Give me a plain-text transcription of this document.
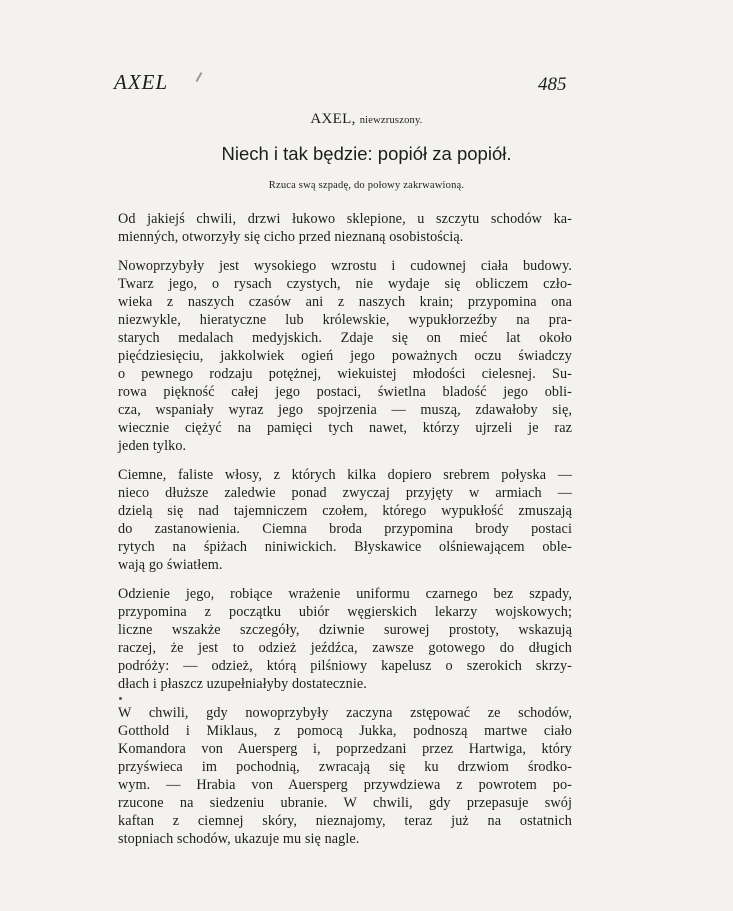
AXEL	485
AXEL, niewzruszony.
Niech i tak będzie: popiół za popiół.
Rzuca swą szpadę, do połowy zakrwawioną.

Od jakiejś chwili, drzwi łukowo sklepione, u szczytu schodów ka-
mienných, otworzyły się cicho przed nieznaną osobistością.

Nowoprzybyły jest wysokiego wzrostu i cudownej ciała budowy.
Twarz jego, o rysach czystych, nie wydaje się obliczem czło-
wieka z naszych czasów ani z naszych krain; przypomina ona
niezwykle, hieratyczne lub królewskie, wypukłorzeźby na pra-
starych medalach medyjskich. Zdaje się on mieć lat około
pięćdziesięciu, jakkolwiek ogień jego poważnych oczu świadczy
o pewnego rodzaju potężnej, wiekuistej młodości cielesnej. Su-
rowa piękność całej jego postaci, świetlna bladość jego obli-
cza, wspaniały wyraz jego spojrzenia — muszą, zdawałoby się,
wiecznie ciężyć na pamięci tych nawet, którzy ujrzeli je raz
jeden tylko.

Ciemne, faliste włosy, z których kilka dopiero srebrem połyska —
nieco dłuższe zaledwie ponad zwyczaj przyjęty w armiach —
dzielą się nad tajemniczem czołem, którego wypukłość zmuszają
do zastanowienia. Ciemna broda przypomina brody postaci
rytych na śpiżach niniwickich. Błyskawice olśniewającem oble-
wają go światłem.

Odzienie jego, robiące wrażenie uniformu czarnego bez szpady,
przypomina z początku ubiór węgierskich lekarzy wojskowych;
liczne wszakże szczegóły, dziwnie surowej prostoty, wskazują
raczej, że jest to odzież jeźdźca, zawsze gotowego do długich
podróży: — odzież, którą pilśniowy kapelusz o szerokich skrzy-
dłach i płaszcz uzupełniałyby dostatecznie.

W chwili, gdy nowoprzybyły zaczyna zstępować ze schodów,
Gotthold i Miklaus, z pomocą Jukka, podnoszą martwe ciało
Komandora von Auersperg i, poprzedzani przez Hartwiga, który
przyświeca im pochodnią, zwracają się ku drzwiom środko-
wym. — Hrabia von Auersperg przywdziewa z powrotem po-
rzucone na siedzeniu ubranie. W chwili, gdy przepasuje swój
kaftan z ciemnej skóry, nieznajomy, teraz już na ostatnich
stopniach schodów, ukazuje mu się nagle.
